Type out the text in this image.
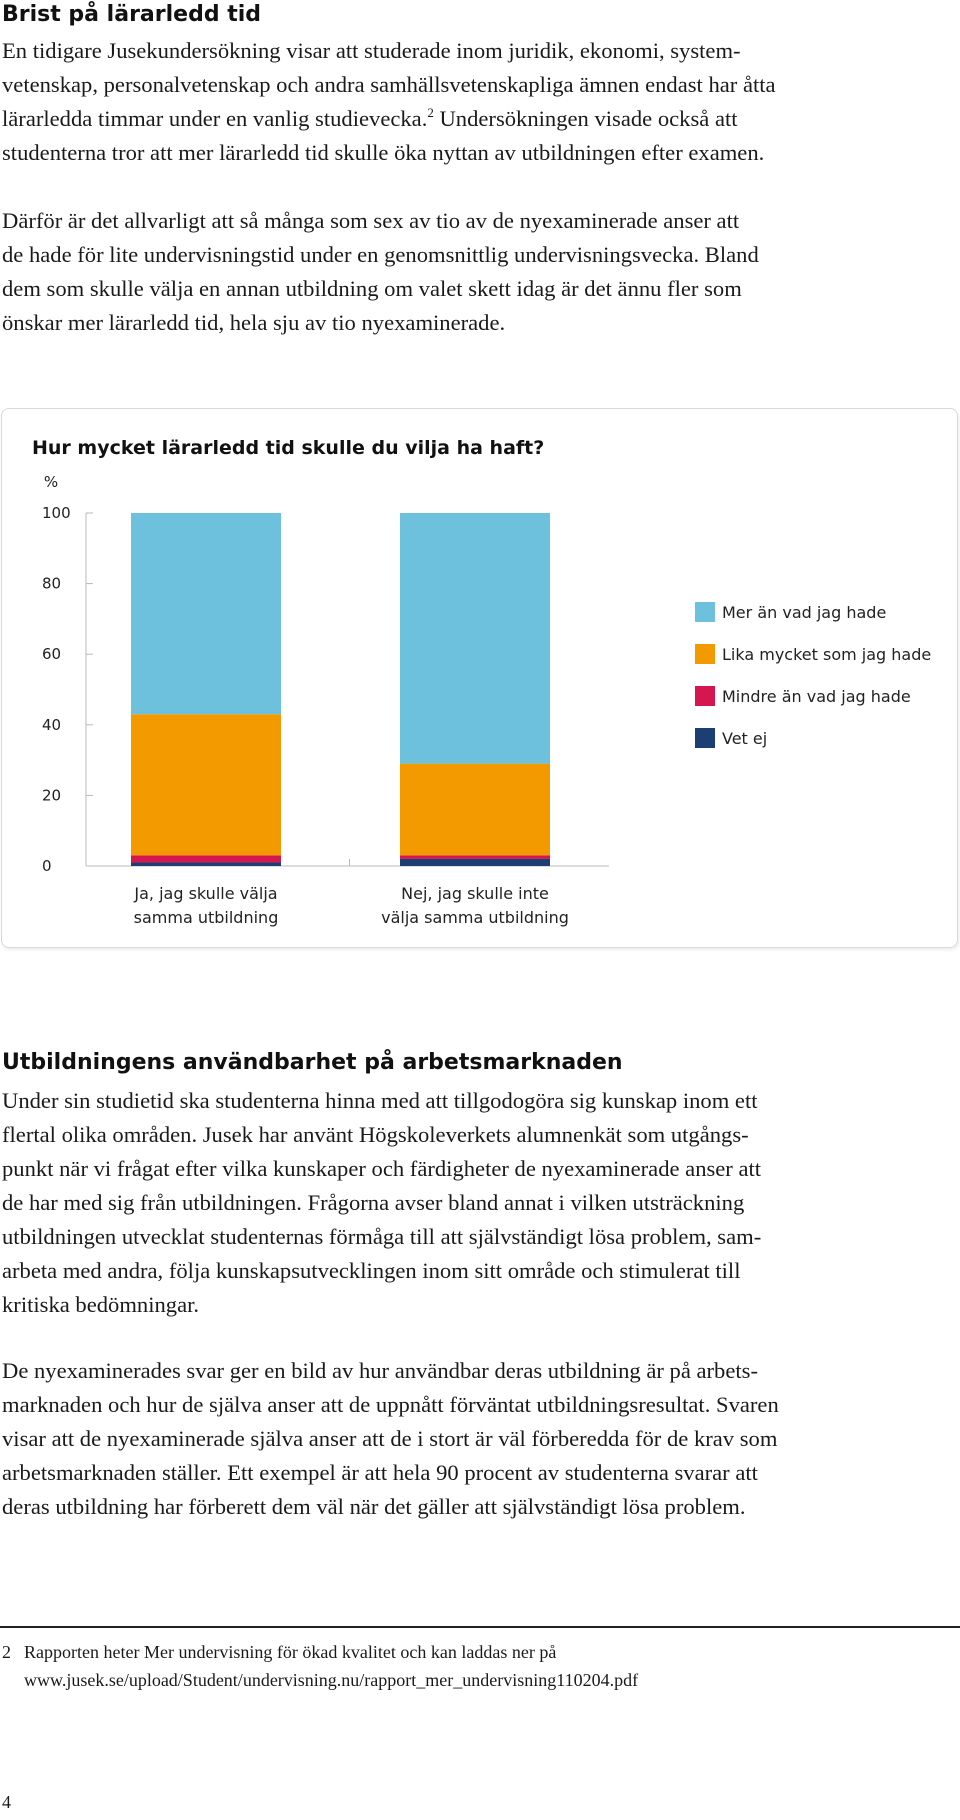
Brist på lärarledd tid
En tidigare Jusekundersökning visar att studerade inom juridik, ekonomi, system-
vetenskap, personalvetenskap och andra samhällsvetenskapliga ämnen endast har åtta
lärarledda timmar under en vanlig studievecka.$^2$ Undersökningen visade också att
studenterna tror att mer lärarledd tid skulle öka nyttan av utbildningen efter examen.
Därför är det allvarligt att så många som sex av tio av de nyexaminerade anser att
de hade för lite undervisningstid under en genomsnittlig undervisningsvecka. Bland
dem som skulle välja en annan utbildning om valet skett idag är det ännu fler som
önskar mer lärarledd tid, hela sju av tio nyexaminerade.
Hur mycket lärarledd tid skulle du vilja ha haft?
%
0
20
40
60
80
100
Ja, jag skulle välja
samma utbildning
Nej, jag skulle inte
välja samma utbildning
Mer än vad jag hade
Lika mycket som jag hade
Mindre än vad jag hade
Vet ej
Utbildningens användbarhet på arbetsmarknaden
Under sin studietid ska studenterna hinna med att tillgodogöra sig kunskap inom ett
flertal olika områden. Jusek har använt Högskoleverkets alumnenkät som utgångs-
punkt när vi frågat efter vilka kunskaper och färdigheter de nyexaminerade anser att
de har med sig från utbildningen. Frågorna avser bland annat i vilken utsträckning
utbildningen utvecklat studenternas förmåga till att självständigt lösa problem, sam-
arbeta med andra, följa kunskapsutvecklingen inom sitt område och stimulerat till
kritiska bedömningar.
De nyexaminerades svar ger en bild av hur användbar deras utbildning är på arbets-
marknaden och hur de själva anser att de uppnått förväntat utbildningsresultat. Svaren
visar att de nyexaminerade själva anser att de i stort är väl förberedda för de krav som
arbetsmarknaden ställer. Ett exempel är att hela 90 procent av studenterna svarar att
deras utbildning har förberett dem väl när det gäller att självständigt lösa problem.
2 Rapporten heter Mer undervisning för ökad kvalitet och kan laddas ner på
www.jusek.se/upload/Student/undervisning.nu/rapport_mer_undervisning110204.pdf
4
